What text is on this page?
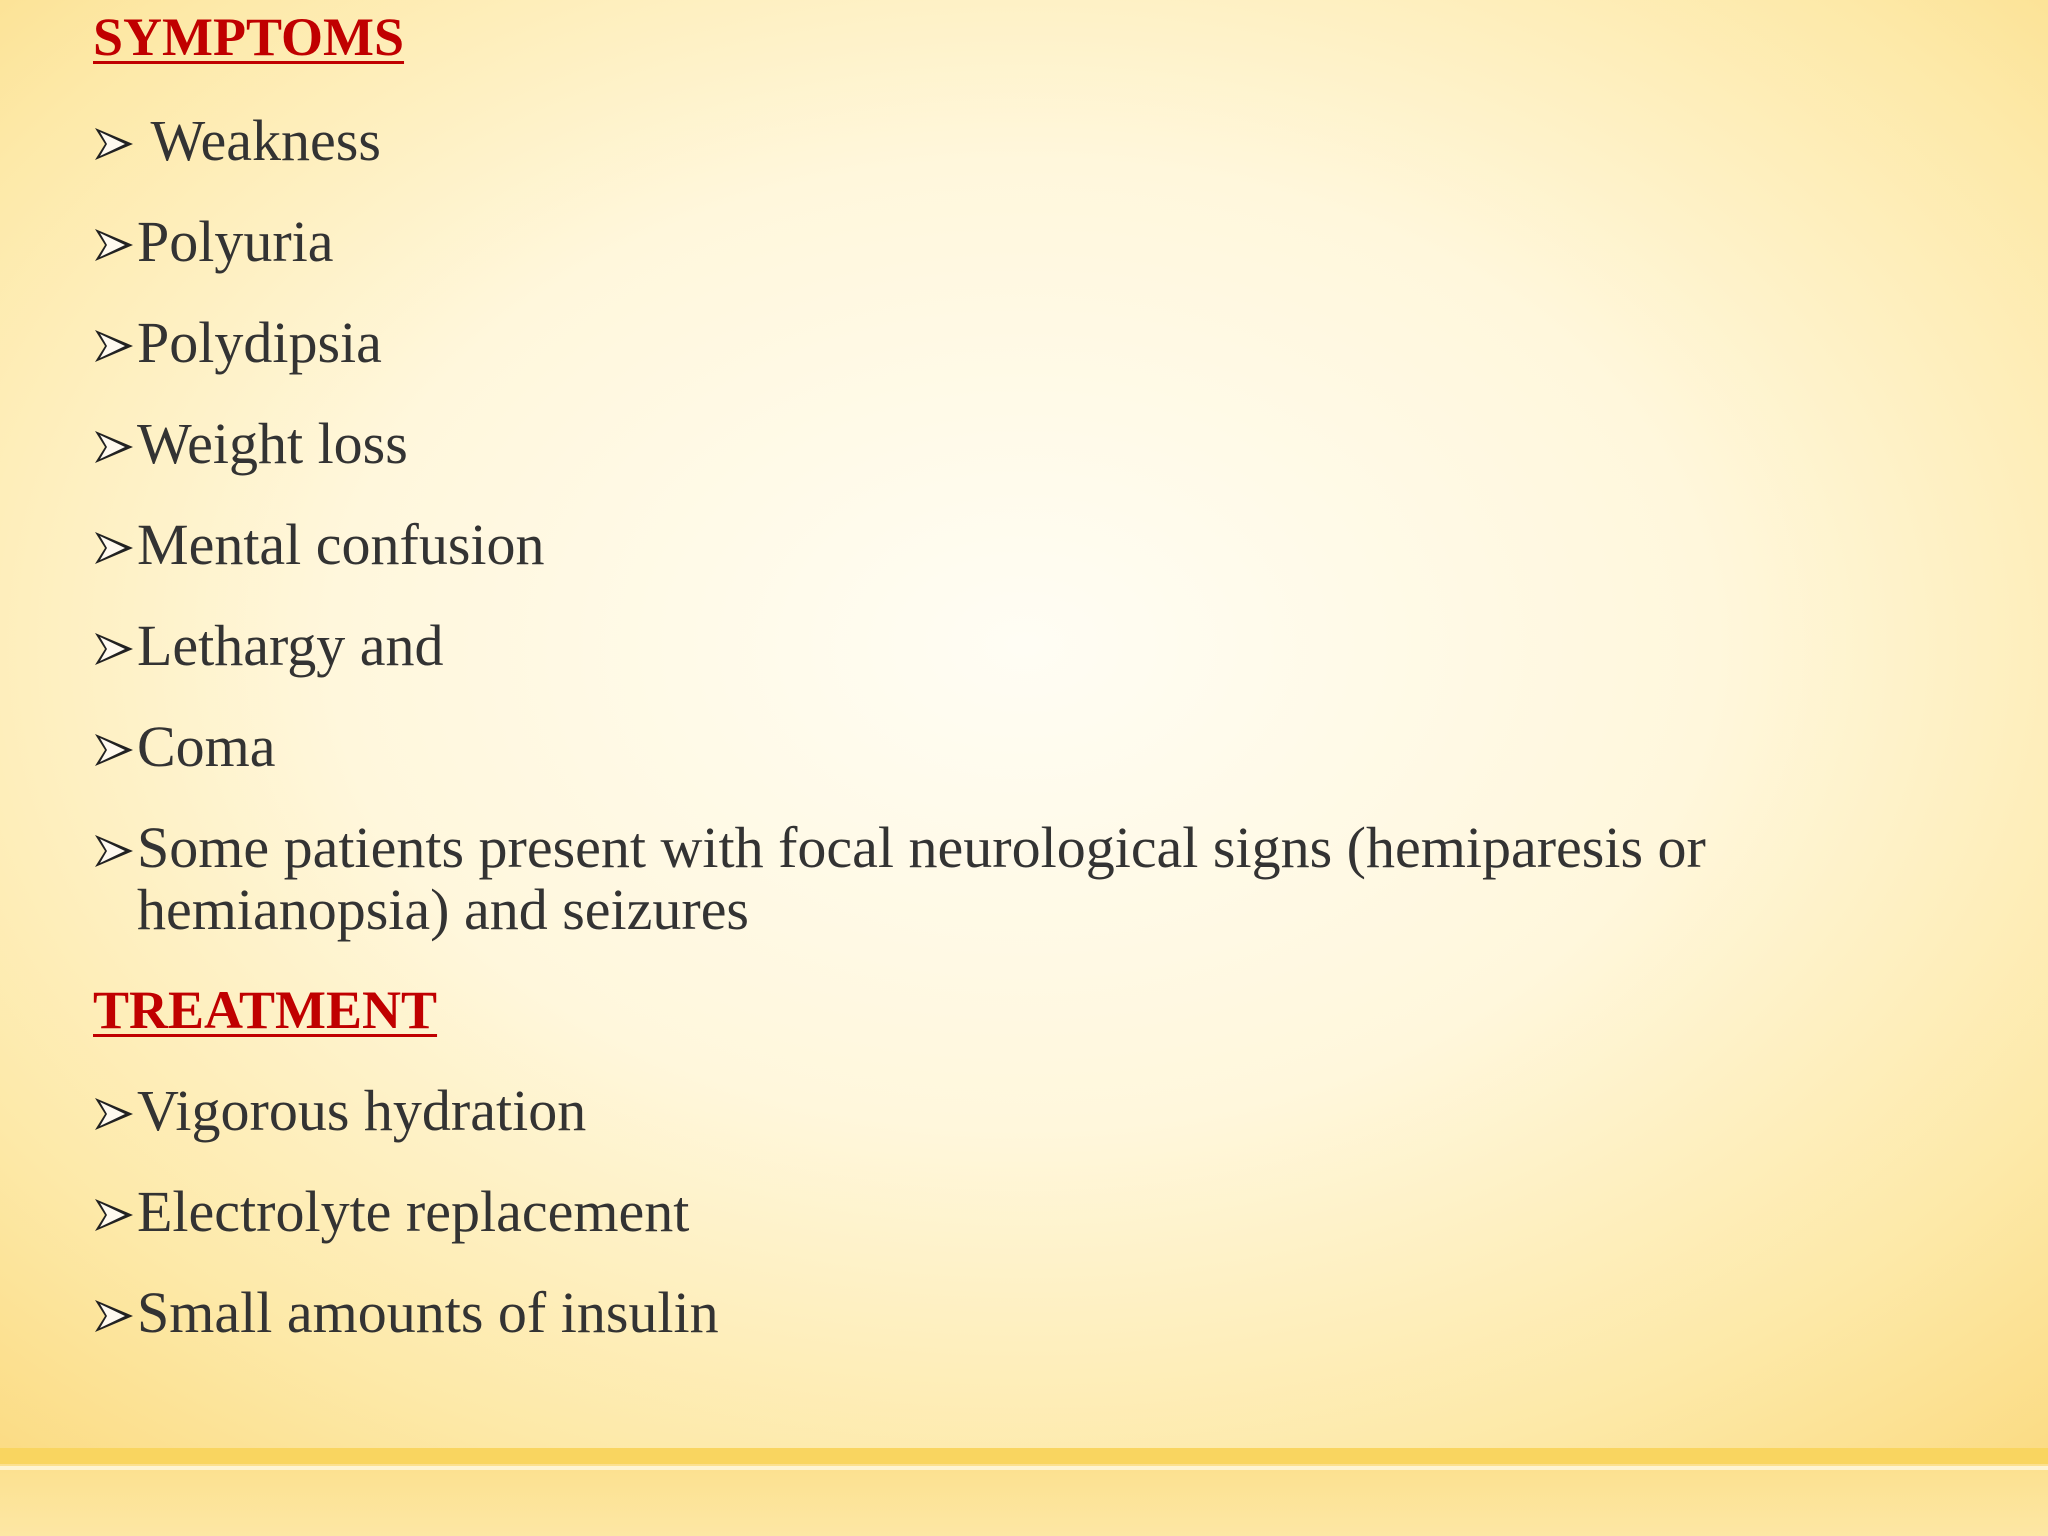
SYMPTOMS
Weakness
Polyuria
Polydipsia
Weight loss
Mental confusion
Lethargy and
Coma
Some patients present with focal neurological signs (hemiparesis or hemianopsia) and seizures
TREATMENT
Vigorous hydration
Electrolyte replacement
Small amounts of insulin
